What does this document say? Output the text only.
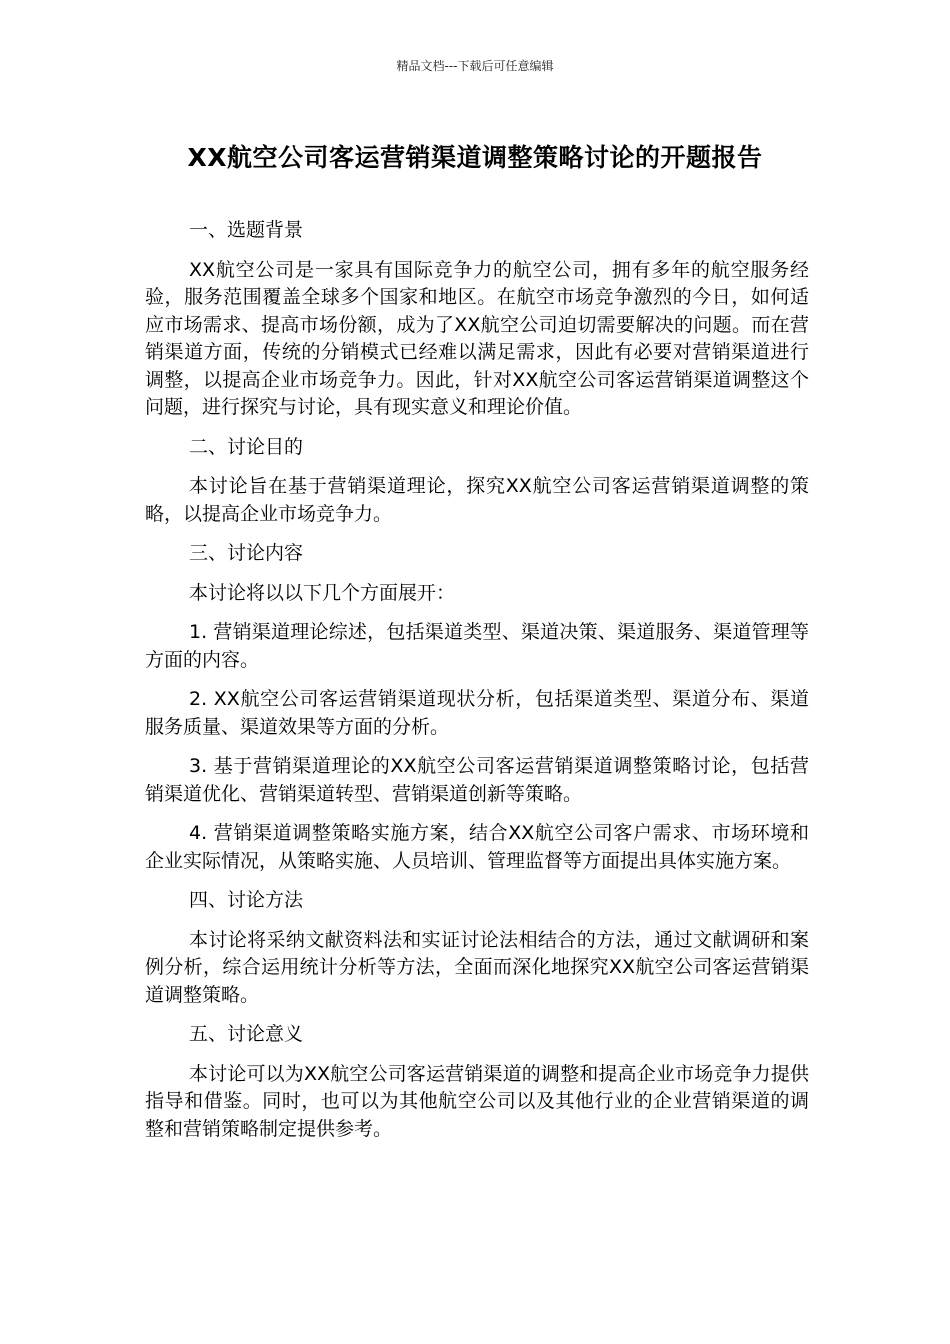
精品文档---下载后可任意编辑
XX航空公司客运营销渠道调整策略讨论的开题报告

一、选题背景

XX航空公司是一家具有国际竞争力的航空公司，拥有多年的航空服务经验，服务范围覆盖全球多个国家和地区。在航空市场竞争激烈的今日，如何适应市场需求、提高市场份额，成为了XX航空公司迫切需要解决的问题。而在营销渠道方面，传统的分销模式已经难以满足需求，因此有必要对营销渠道进行调整，以提高企业市场竞争力。因此，针对XX航空公司客运营销渠道调整这个问题，进行探究与讨论，具有现实意义和理论价值。

二、讨论目的

本讨论旨在基于营销渠道理论，探究XX航空公司客运营销渠道调整的策略，以提高企业市场竞争力。

三、讨论内容

本讨论将以以下几个方面展开：

1. 营销渠道理论综述，包括渠道类型、渠道决策、渠道服务、渠道管理等方面的内容。

2. XX航空公司客运营销渠道现状分析，包括渠道类型、渠道分布、渠道服务质量、渠道效果等方面的分析。

3. 基于营销渠道理论的XX航空公司客运营销渠道调整策略讨论，包括营销渠道优化、营销渠道转型、营销渠道创新等策略。

4. 营销渠道调整策略实施方案，结合XX航空公司客户需求、市场环境和企业实际情况，从策略实施、人员培训、管理监督等方面提出具体实施方案。

四、讨论方法

本讨论将采纳文献资料法和实证讨论法相结合的方法，通过文献调研和案例分析，综合运用统计分析等方法，全面而深化地探究XX航空公司客运营销渠道调整策略。

五、讨论意义

本讨论可以为XX航空公司客运营销渠道的调整和提高企业市场竞争力提供指导和借鉴。同时，也可以为其他航空公司以及其他行业的企业营销渠道的调整和营销策略制定提供参考。
